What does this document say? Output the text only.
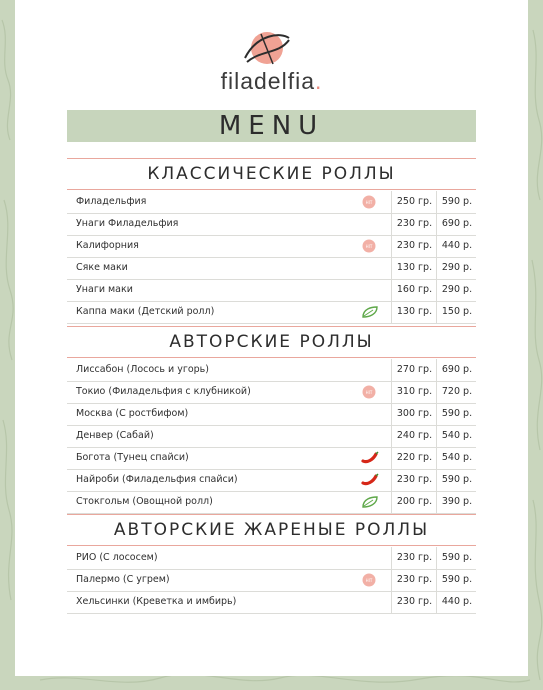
filadelfia.
MENU
КЛАССИЧЕСКИЕ РОЛЛЫ
Филадельфия	HIT	250 гр.	590 р.
Унаги Филадельфия	230 гр.	690 р.
Калифорния	HIT	230 гр.	440 р.
Сяке маки	130 гр.	290 р.
Унаги маки	160 гр.	290 р.
Каппа маки (Детский ролл)	130 гр.	150 р.
АВТОРСКИЕ РОЛЛЫ
Лиссабон (Лосось и угорь)	270 гр.	690 р.
Токио (Филадельфия с клубникой)	HIT	310 гр.	720 р.
Москва (С ростбифом)	300 гр.	590 р.
Денвер (Сабай)	240 гр.	540 р.
Богота (Тунец спайси)	220 гр.	540 р.
Найроби (Филадельфия спайси)	230 гр.	590 р.
Стокгольм (Овощной ролл)	200 гр.	390 р.
АВТОРСКИЕ ЖАРЕНЫЕ РОЛЛЫ
РИО (С лососем)	230 гр.	590 р.
Палермо (С угрем)	HIT	230 гр.	590 р.
Хельсинки (Креветка и имбирь)	230 гр.	440 р.
